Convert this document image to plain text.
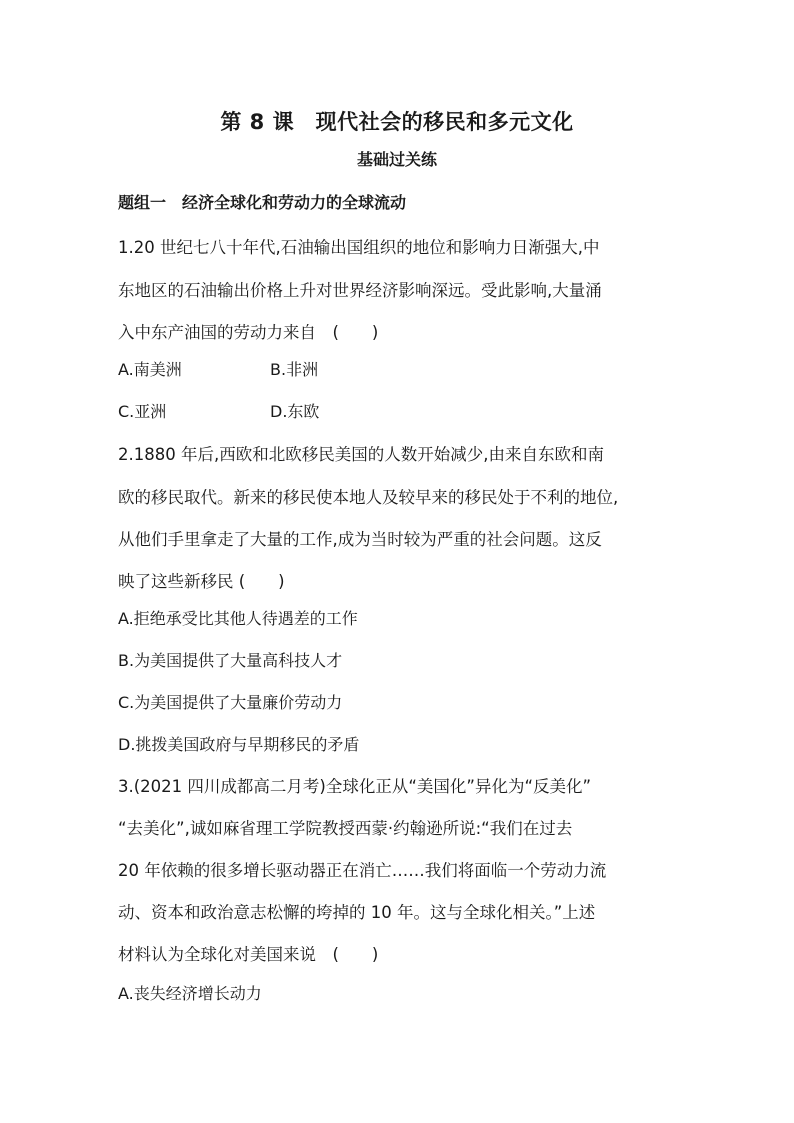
第 8 课　现代社会的移民和多元文化
基础过关练
题组一　经济全球化和劳动力的全球流动
1.20 世纪七八十年代,石油输出国组织的地位和影响力日渐强大,中
东地区的石油输出价格上升对世界经济影响深远。受此影响,大量涌
入中东产油国的劳动力来自　(　　)
A.南美洲	B.非洲
C.亚洲	D.东欧
2.1880 年后,西欧和北欧移民美国的人数开始减少,由来自东欧和南
欧的移民取代。新来的移民使本地人及较早来的移民处于不利的地位,
从他们手里拿走了大量的工作,成为当时较为严重的社会问题。这反
映了这些新移民 (　　)
A.拒绝承受比其他人待遇差的工作
B.为美国提供了大量高科技人才
C.为美国提供了大量廉价劳动力
D.挑拨美国政府与早期移民的矛盾
3.(2021 四川成都高二月考)全球化正从“美国化”异化为“反美化”
“去美化”,诚如麻省理工学院教授西蒙·约翰逊所说:“我们在过去
20 年依赖的很多增长驱动器正在消亡……我们将面临一个劳动力流
动、资本和政治意志松懈的垮掉的 10 年。这与全球化相关。”上述
材料认为全球化对美国来说　(　　)
A.丧失经济增长动力
